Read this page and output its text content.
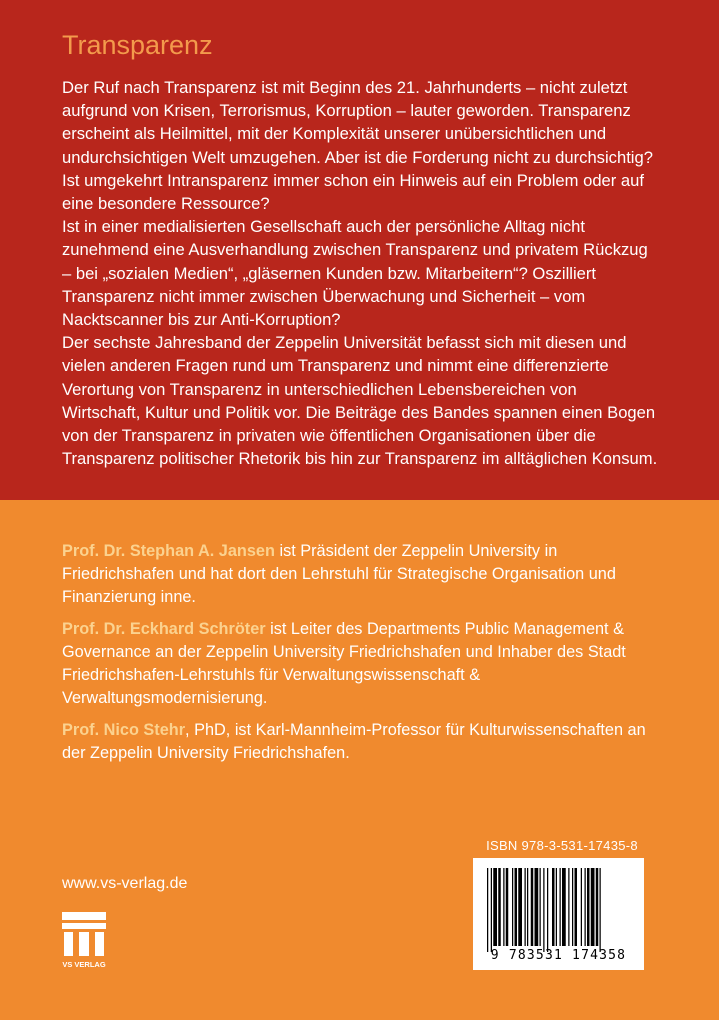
Transparenz

Der Ruf nach Transparenz ist mit Beginn des 21. Jahrhunderts – nicht zuletzt aufgrund von Krisen, Terrorismus, Korruption – lauter geworden. Transparenz erscheint als Heilmittel, mit der Komplexität unserer unübersichtlichen und undurchsichtigen Welt umzugehen. Aber ist die Forderung nicht zu durchsichtig? Ist umgekehrt Intransparenz immer schon ein Hinweis auf ein Problem oder auf eine besondere Ressource?

Ist in einer medialisierten Gesellschaft auch der persönliche Alltag nicht zunehmend eine Ausverhandlung zwischen Transparenz und privatem Rückzug – bei „sozialen Medien“, „gläsernen Kunden bzw. Mitarbeitern“? Oszilliert Transparenz nicht immer zwischen Überwachung und Sicherheit – vom Nacktscanner bis zur Anti-Korruption?

Der sechste Jahresband der Zeppelin Universität befasst sich mit diesen und vielen anderen Fragen rund um Transparenz und nimmt eine differenzierte Verortung von Transparenz in unterschiedlichen Lebensbereichen von Wirtschaft, Kultur und Politik vor. Die Beiträge des Bandes spannen einen Bogen von der Transparenz in privaten wie öffentlichen Organisationen über die Transparenz politischer Rhetorik bis hin zur Transparenz im alltäglichen Konsum.

Prof. Dr. Stephan A. Jansen ist Präsident der Zeppelin University in Friedrichshafen und hat dort den Lehrstuhl für Strategische Organisation und Finanzierung inne.

Prof. Dr. Eckhard Schröter ist Leiter des Departments Public Management & Governance an der Zeppelin University Friedrichshafen und Inhaber des Stadt Friedrichshafen-Lehrstuhls für Verwaltungswissenschaft & Verwaltungsmodernisierung.

Prof. Nico Stehr, PhD, ist Karl-Mannheim-Professor für Kulturwissenschaften an der Zeppelin University Friedrichshafen.

www.vs-verlag.de
VS VERLAG
ISBN 978-3-531-17435-8
9 783531 174358
